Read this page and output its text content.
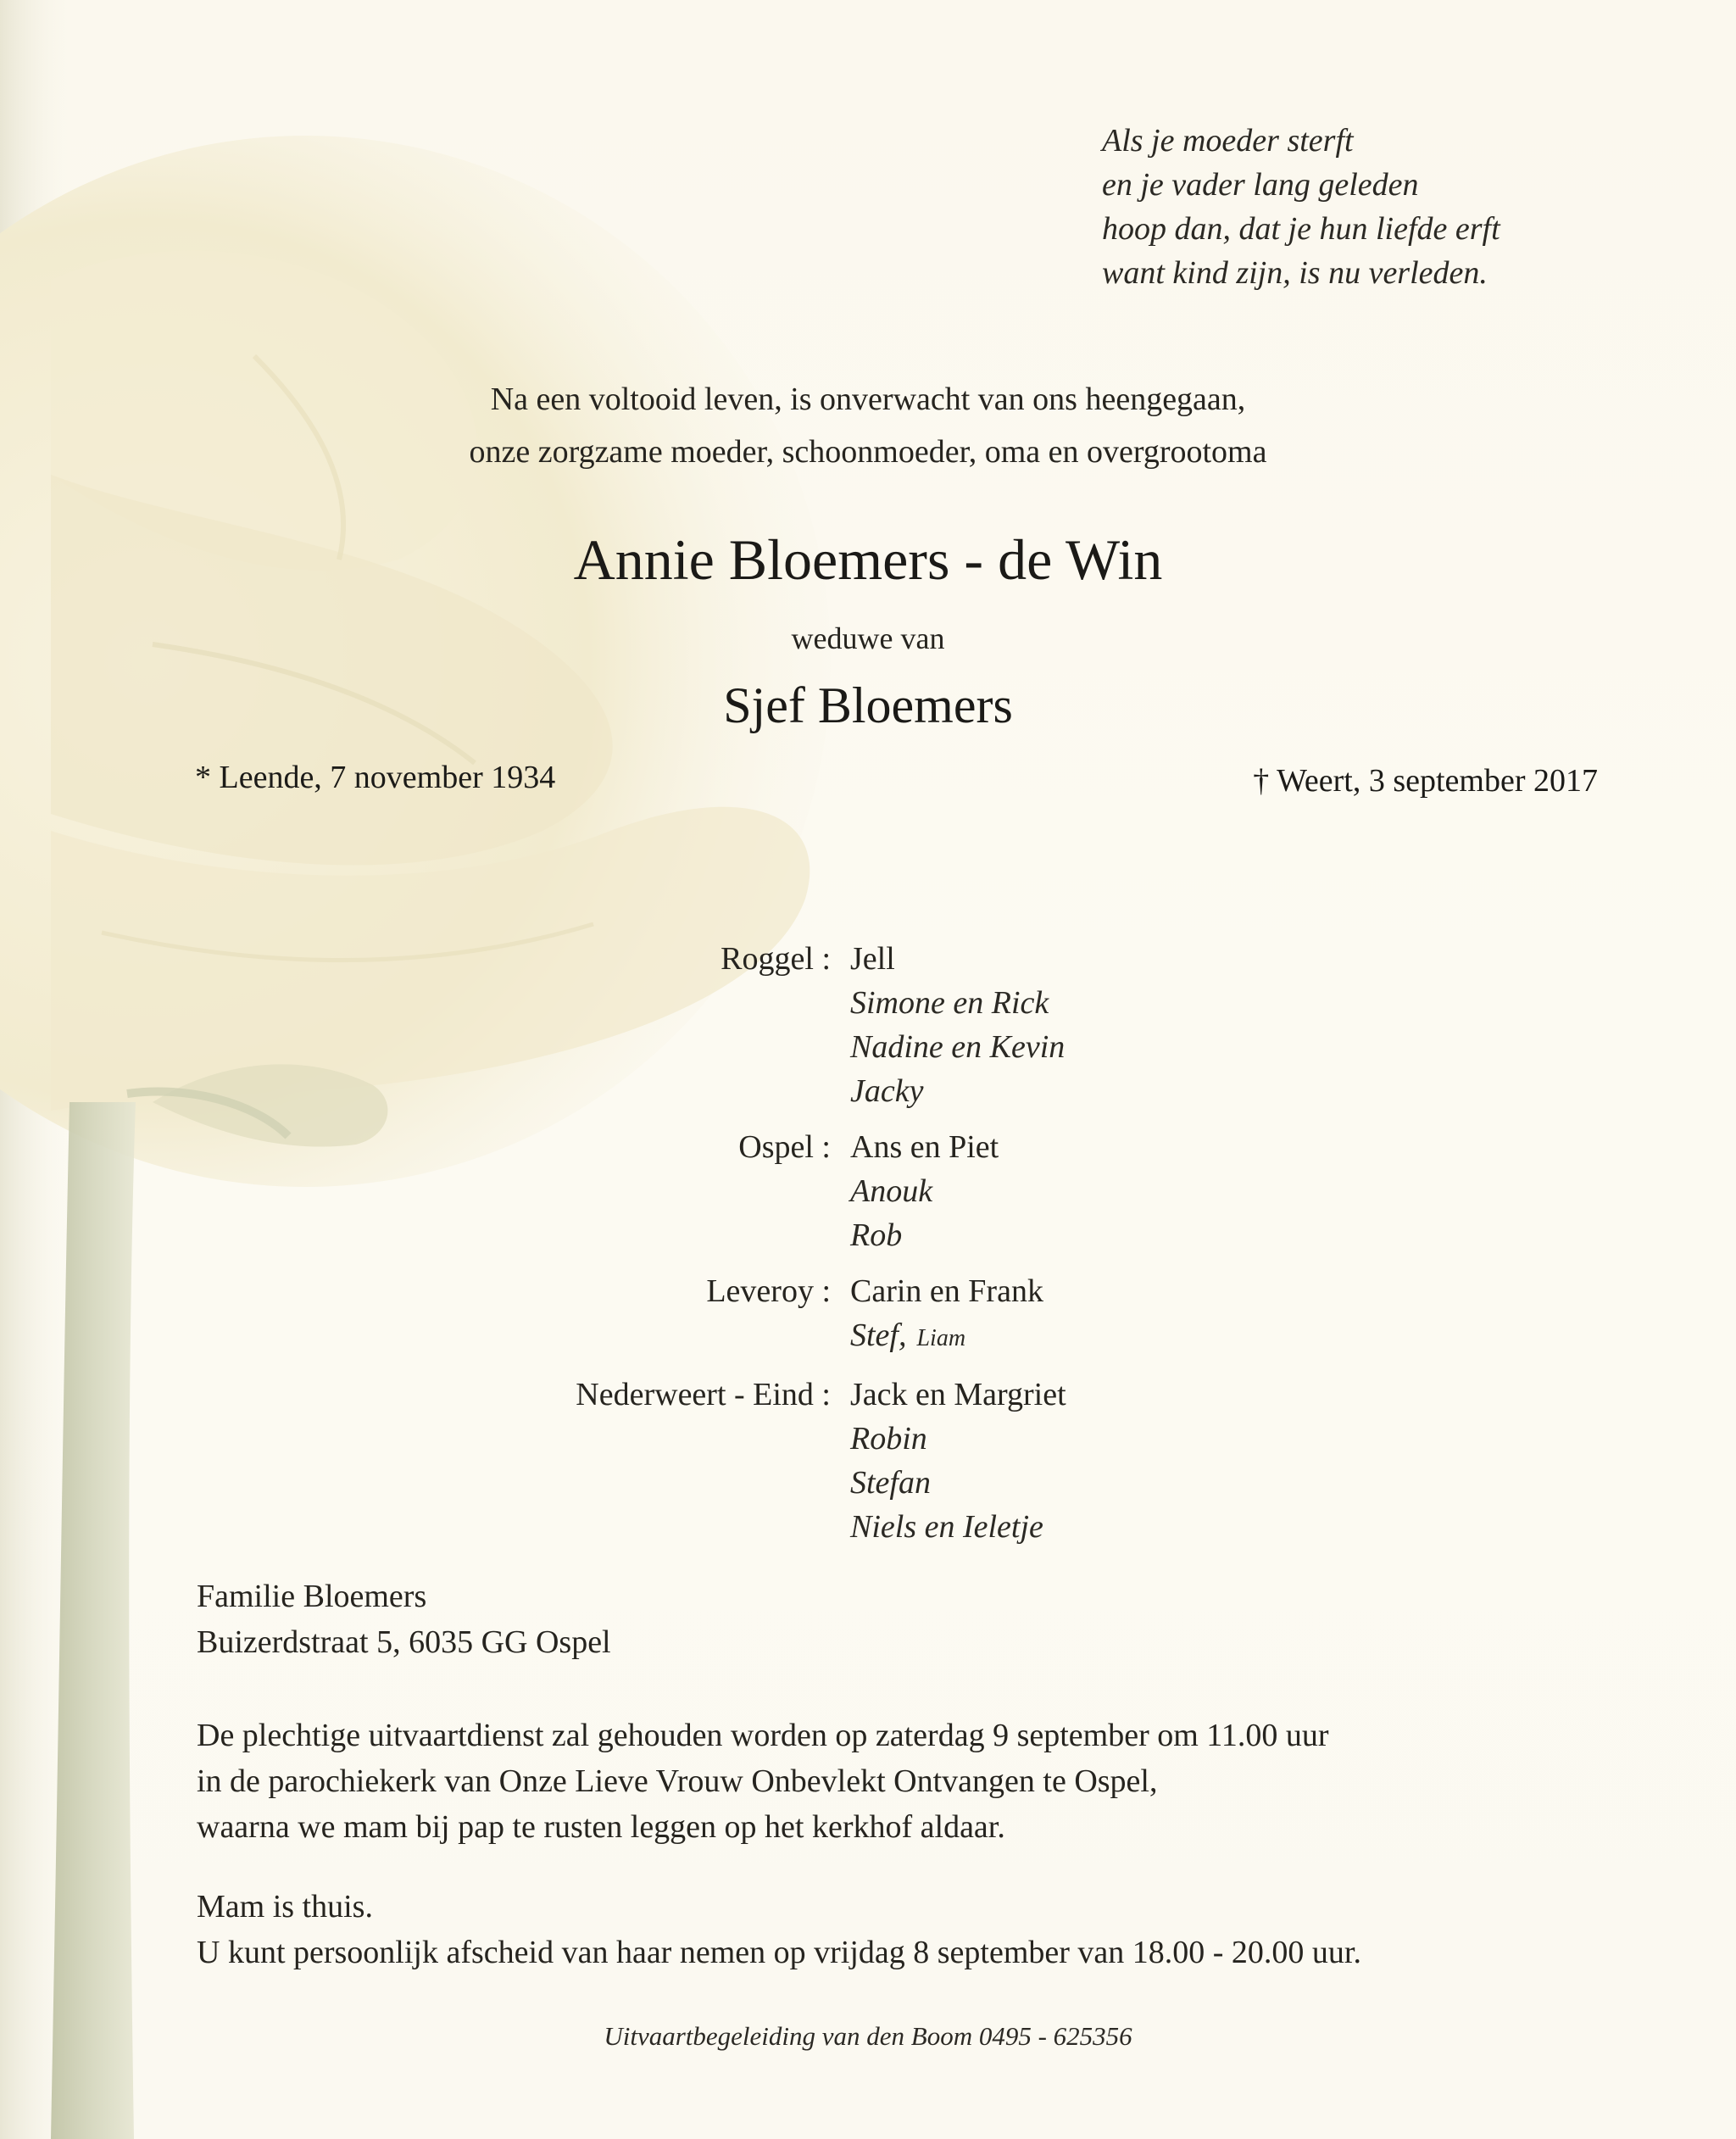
Als je moeder sterft
en je vader lang geleden
hoop dan, dat je hun liefde erft
want kind zijn, is nu verleden.

Na een voltooid leven, is onverwacht van ons heengegaan,

onze zorgzame moeder, schoonmoeder, oma en overgrootoma

Annie Bloemers - de Win

weduwe van

Sjef Bloemers

* Leende, 7 november 1934	† Weert, 3 september 2017

Roggel : Jell
Simone en Rick
Nadine en Kevin
Jacky
Ospel : Ans en Piet
Anouk
Rob
Leveroy : Carin en Frank
Stef, Liam
Nederweert - Eind : Jack en Margriet
Robin
Stefan
Niels en Ieletje
Familie Bloemers
Buizerdstraat 5, 6035 GG Ospel
De plechtige uitvaartdienst zal gehouden worden op zaterdag 9 september om 11.00 uur
in de parochiekerk van Onze Lieve Vrouw Onbevlekt Ontvangen te Ospel,
waarna we mam bij pap te rusten leggen op het kerkhof aldaar.
Mam is thuis.
U kunt persoonlijk afscheid van haar nemen op vrijdag 8 september van 18.00 - 20.00 uur.

Uitvaartbegeleiding van den Boom 0495 - 625356
